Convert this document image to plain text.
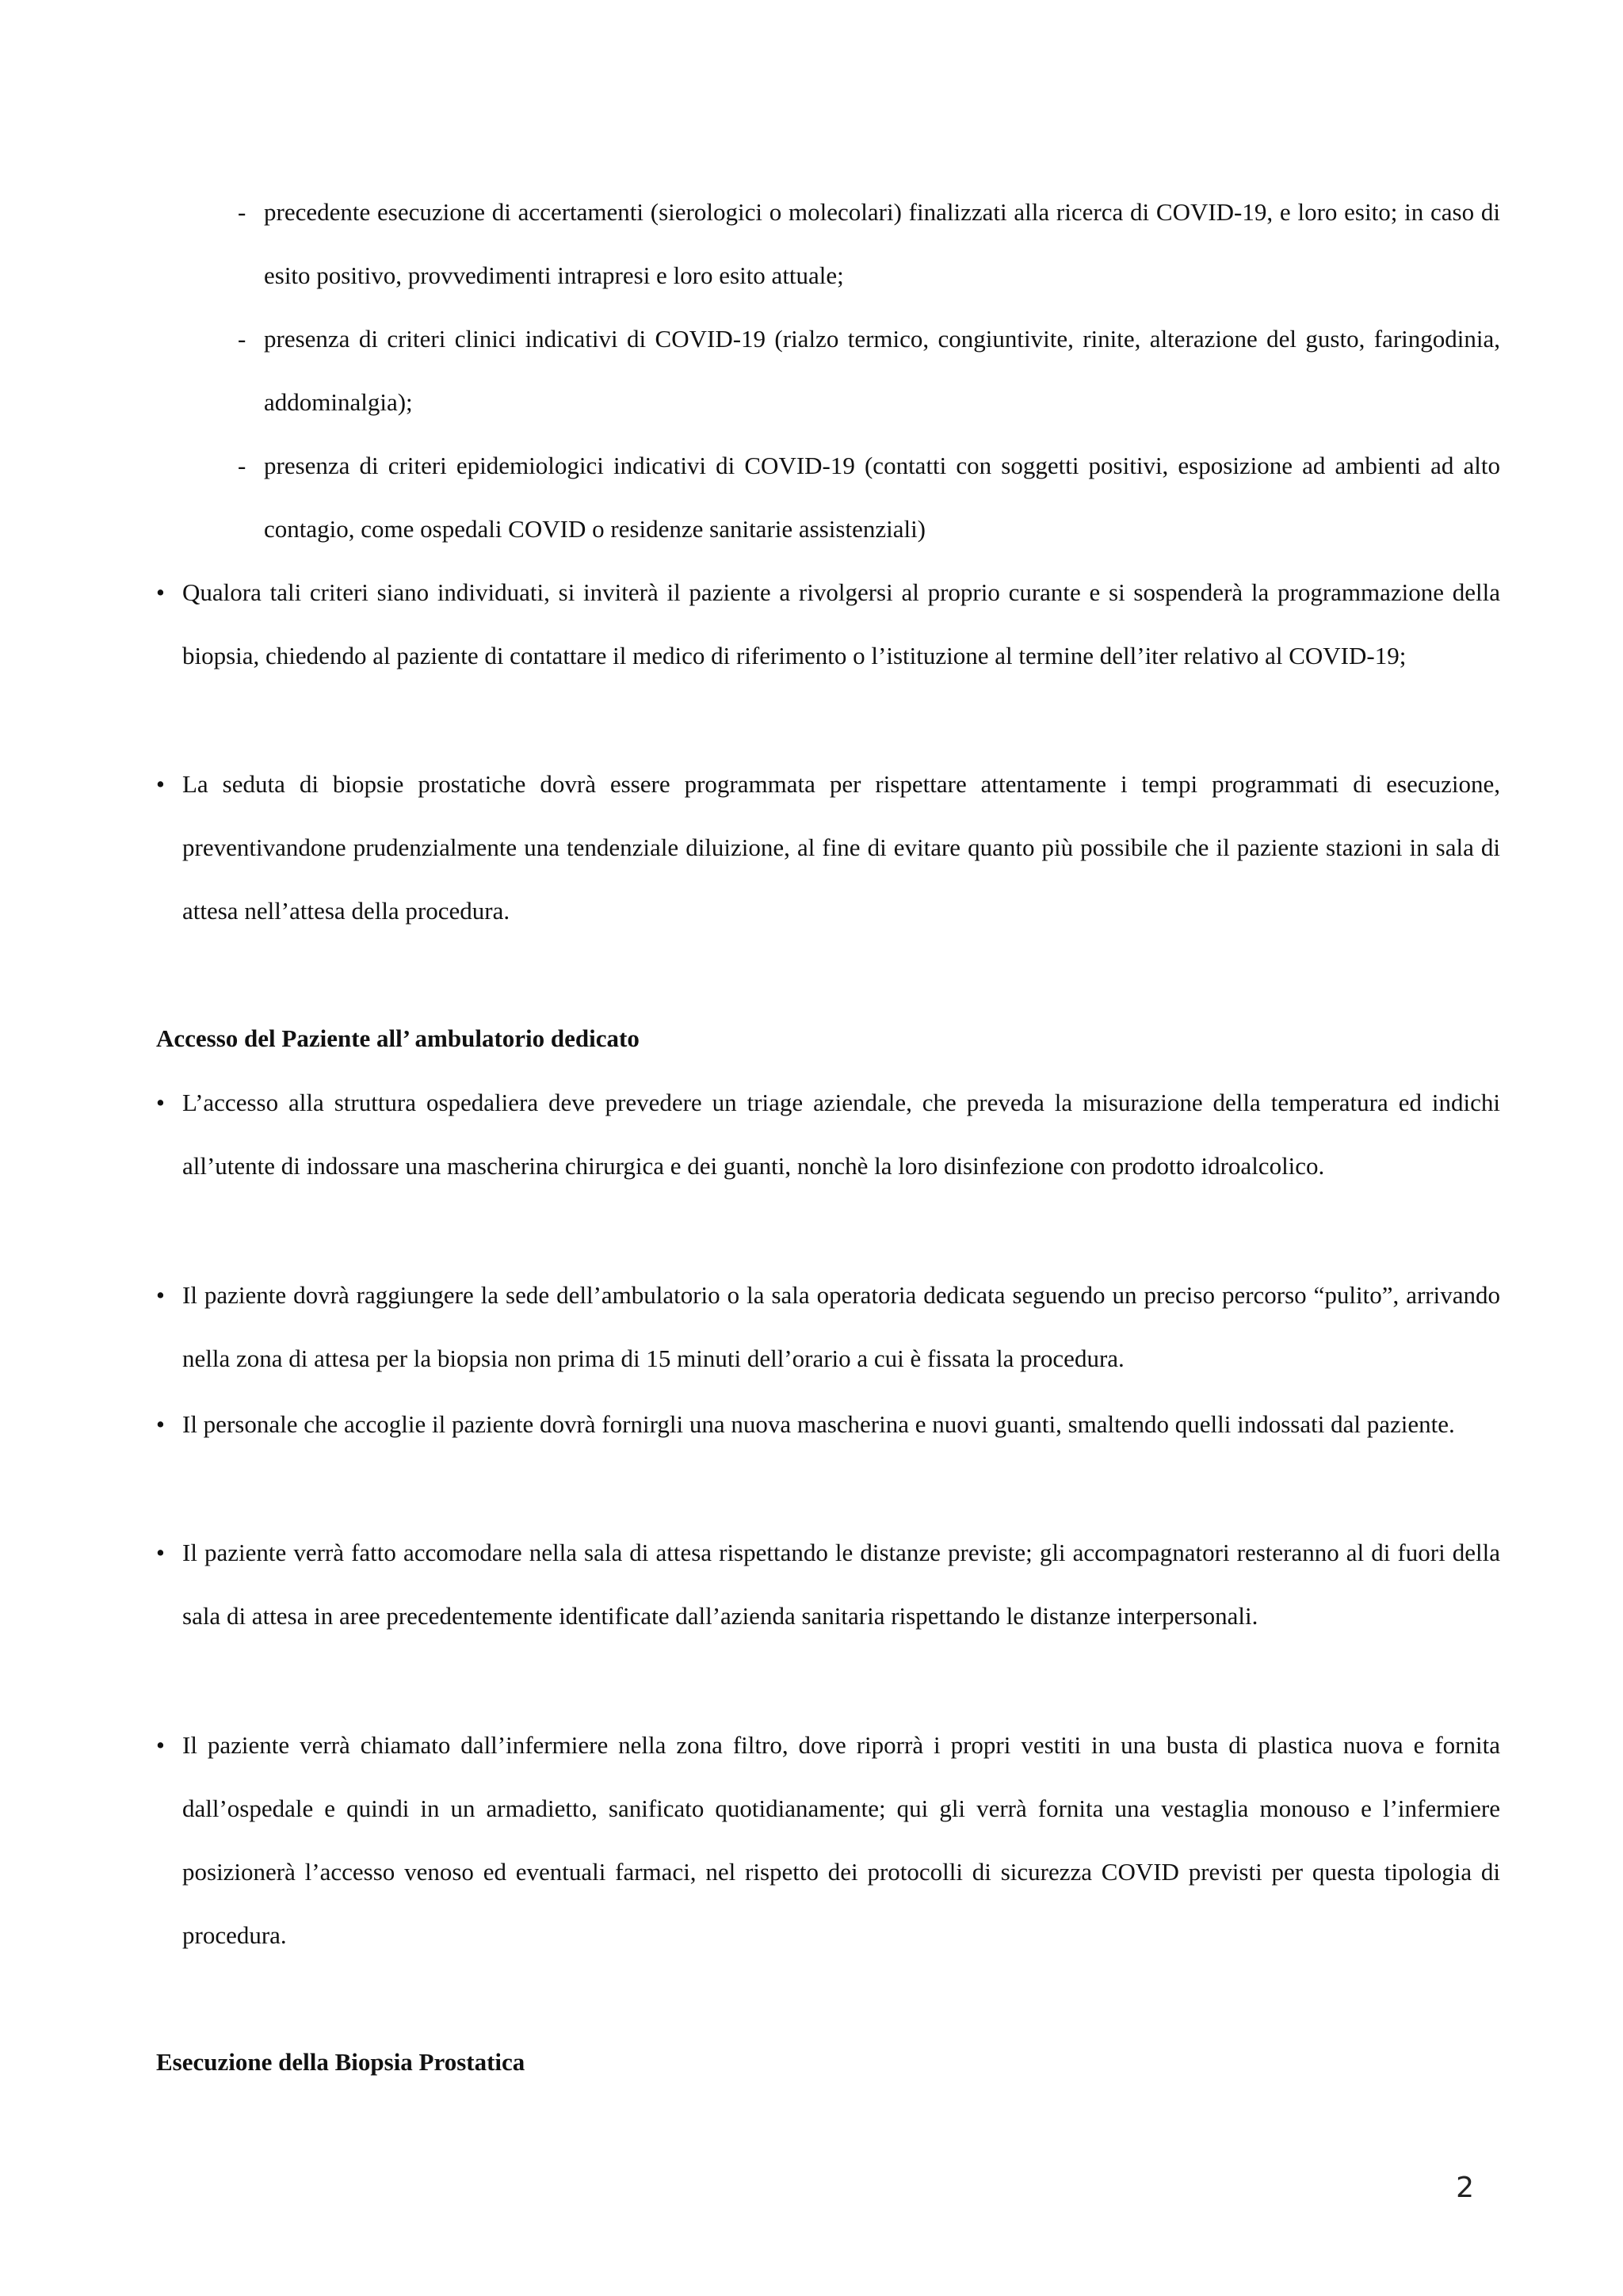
- precedente esecuzione di accertamenti (sierologici o molecolari) finalizzati alla ricerca di COVID-19, e loro esito; in caso di esito positivo, provvedimenti intrapresi e loro esito attuale;
- presenza di criteri clinici indicativi di COVID-19 (rialzo termico, congiuntivite, rinite, alterazione del gusto, faringodinia, addominalgia);
- presenza di criteri epidemiologici indicativi di COVID-19 (contatti con soggetti positivi, esposizione ad ambienti ad alto contagio, come ospedali COVID o residenze sanitarie assistenziali)
• Qualora tali criteri siano individuati, si inviterà il paziente a rivolgersi al proprio curante e si sospenderà la programmazione della biopsia, chiedendo al paziente di contattare il medico di riferimento o l’istituzione al termine dell’iter relativo al COVID-19;
• La seduta di biopsie prostatiche dovrà essere programmata per rispettare attentamente i tempi programmati di esecuzione, preventivandone prudenzialmente una tendenziale diluizione, al fine di evitare quanto più possibile che il paziente stazioni in sala di attesa nell’attesa della procedura.
Accesso del Paziente all’ ambulatorio dedicato
• L’accesso alla struttura ospedaliera deve prevedere un triage aziendale, che preveda la misurazione della temperatura ed indichi all’utente di indossare una mascherina chirurgica e dei guanti, nonchè la loro disinfezione con prodotto idroalcolico.
• Il paziente dovrà raggiungere la sede dell’ambulatorio o la sala operatoria dedicata seguendo un preciso percorso “pulito”, arrivando nella zona di attesa per la biopsia non prima di 15 minuti dell’orario a cui è fissata la procedura.
• Il personale che accoglie il paziente dovrà fornirgli una nuova mascherina e nuovi guanti, smaltendo quelli indossati dal paziente.
• Il paziente verrà fatto accomodare nella sala di attesa rispettando le distanze previste; gli accompagnatori resteranno al di fuori della sala di attesa in aree precedentemente identificate dall’azienda sanitaria rispettando le distanze interpersonali.
• Il paziente verrà chiamato dall’infermiere nella zona filtro, dove riporrà i propri vestiti in una busta di plastica nuova e fornita dall’ospedale e quindi in un armadietto, sanificato quotidianamente; qui gli verrà fornita una vestaglia monouso e l’infermiere posizionerà l’accesso venoso ed eventuali farmaci, nel rispetto dei protocolli di sicurezza COVID previsti per questa tipologia di procedura.
Esecuzione della Biopsia Prostatica
2
